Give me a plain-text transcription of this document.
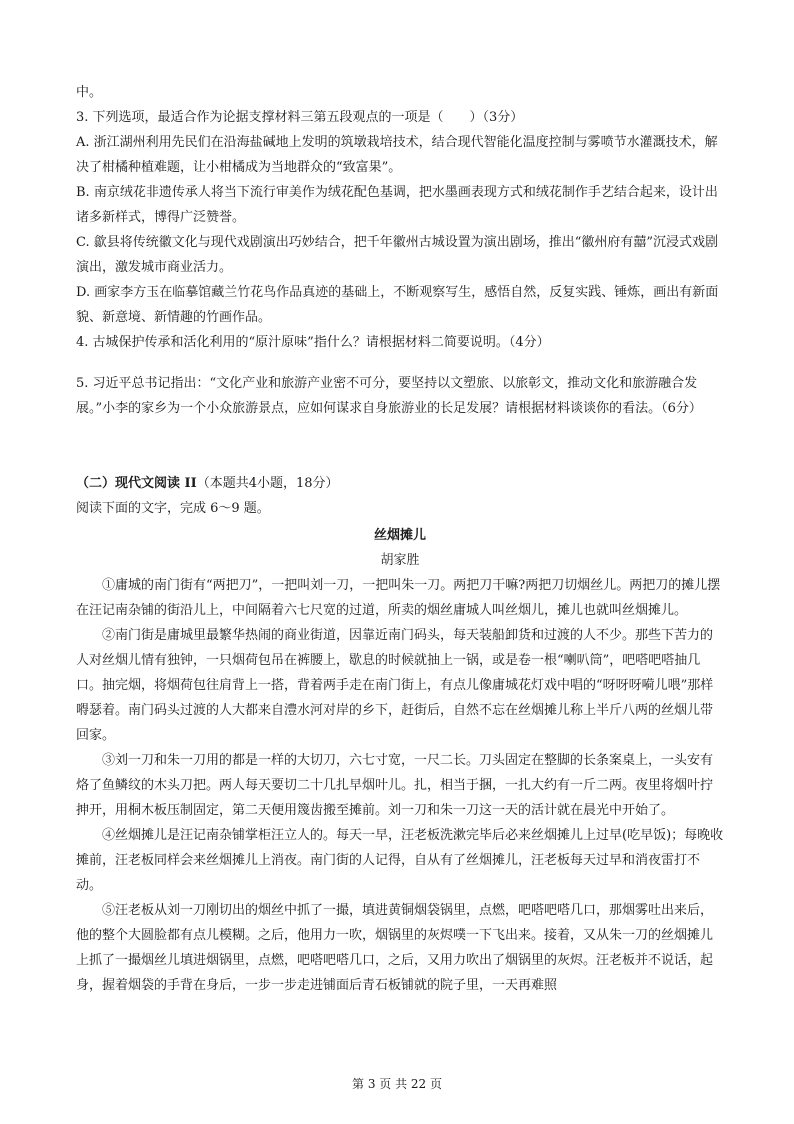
中。

3. 下列选项，最适合作为论据支撑材料三第五段观点的一项是（　　）（3分）

A. 浙江湖州利用先民们在沿海盐碱地上发明的筑墩栽培技术，结合现代智能化温度控制与雾喷节水灌溉技术，解决了柑橘种植难题，让小柑橘成为当地群众的“致富果”。

B. 南京绒花非遗传承人将当下流行审美作为绒花配色基调，把水墨画表现方式和绒花制作手艺结合起来，设计出诸多新样式，博得广泛赞誉。

C. 歙县将传统徽文化与现代戏剧演出巧妙结合，把千年徽州古城设置为演出剧场，推出“徽州府有囍”沉浸式戏剧演出，激发城市商业活力。

D. 画家李方玉在临摹馆藏兰竹花鸟作品真迹的基础上，不断观察写生，感悟自然，反复实践、锤炼，画出有新面貌、新意境、新情趣的竹画作品。

4. 古城保护传承和活化利用的“原汁原味”指什么？请根据材料二简要说明。（4分）

5. 习近平总书记指出：“文化产业和旅游产业密不可分，要坚持以文塑旅、以旅彰文，推动文化和旅游融合发展。”小李的家乡为一个小众旅游景点，应如何谋求自身旅游业的长足发展？请根据材料谈谈你的看法。（6分）

（二）现代文阅读 II（本题共4小题，18分）

阅读下面的文字，完成 6～9 题。

丝烟摊儿

胡家胜

①庸城的南门街有“两把刀”，一把叫刘一刀，一把叫朱一刀。两把刀干嘛?两把刀切烟丝儿。两把刀的摊儿摆在汪记南杂铺的街沿儿上，中间隔着六七尺宽的过道，所卖的烟丝庸城人叫丝烟儿，摊儿也就叫丝烟摊儿。

②南门街是庸城里最繁华热闹的商业街道，因靠近南门码头，每天装船卸货和过渡的人不少。那些下苦力的人对丝烟儿情有独钟，一只烟荷包吊在裤腰上，歇息的时候就抽上一锅，或是卷一根“喇叭筒”，吧嗒吧嗒抽几口。抽完烟，将烟荷包往肩背上一搭，背着两手走在南门街上，有点儿像庸城花灯戏中唱的“呀呀呀嗬儿喂”那样嘚瑟着。南门码头过渡的人大都来自澧水河对岸的乡下，赶街后，自然不忘在丝烟摊儿称上半斤八两的丝烟儿带回家。

③刘一刀和朱一刀用的都是一样的大切刀，六七寸宽，一尺二长。刀头固定在整脚的长条案桌上，一头安有烙了鱼鳞纹的木头刀把。两人每天要切二十几扎早烟叶儿。扎，相当于捆，一扎大约有一斤二两。夜里将烟叶拧抻开，用桐木板压制固定，第二天便用篾齿搬至摊前。刘一刀和朱一刀这一天的活计就在晨光中开始了。

④丝烟摊儿是汪记南杂铺掌柜汪立人的。每天一早，汪老板洗漱完毕后必来丝烟摊儿上过早(吃早饭)；每晚收摊前，汪老板同样会来丝烟摊儿上消夜。南门街的人记得，自从有了丝烟摊儿，汪老板每天过早和消夜雷打不动。

⑤汪老板从刘一刀刚切出的烟丝中抓了一撮，填进黄铜烟袋锅里，点燃，吧嗒吧嗒几口，那烟雾吐出来后，他的整个大圆脸都有点儿模糊。之后，他用力一吹，烟锅里的灰烬噗一下飞出来。接着，又从朱一刀的丝烟摊儿上抓了一撮烟丝儿填进烟锅里，点燃，吧嗒吧嗒几口，之后，又用力吹出了烟锅里的灰烬。汪老板并不说话，起身，握着烟袋的手背在身后，一步一步走进铺面后青石板铺就的院子里，一天再难照

第 3 页 共 22 页
